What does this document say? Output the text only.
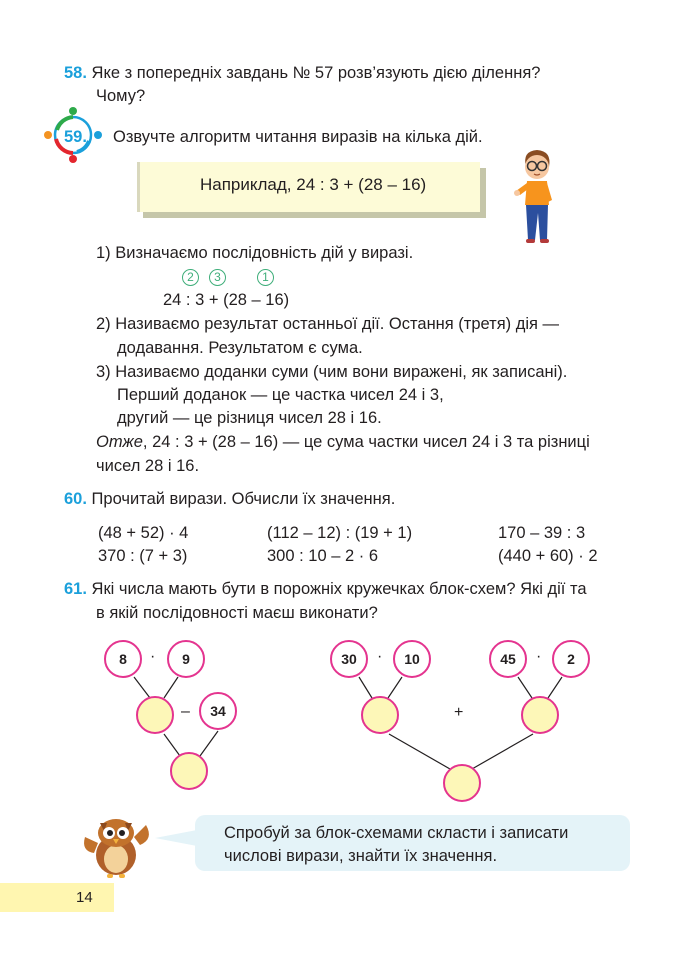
58. Яке з попередніх завдань № 57 розв’язують дією ділення?
Чому?
59. Озвучте алгоритм читання виразів на кілька дій.
Наприклад, 24 : 3 + (28 – 16)
1) Визначаємо послідовність дій у виразі.
2	3	1
24 : 3 + (28 – 16)
2) Називаємо результат останньої дії. Остання (третя) дія —
додавання. Результатом є сума.
3) Називаємо доданки суми (чим вони виражені, як записані).
Перший доданок — це частка чисел 24 і 3,
другий — це різниця чисел 28 і 16.
Отже, 24 : 3 + (28 – 16) — це сума частки чисел 24 і 3 та різниці
чисел 28 і 16.
60. Прочитай вирази. Обчисли їх значення.
(48 + 52) · 4	(112 – 12) : (19 + 1)	170 – 39 : 3
370 : (7 + 3)	300 : 10 – 2 · 6	(440 + 60) · 2
61. Які числа мають бути в порожніх кружечках блок-схем? Які дії та
в якій послідовності маєш виконати?
8	·	9
–	34
30	·	10	45	·	2
+
Спробуй за блок-схемами скласти і записати
числові вирази, знайти їх значення.
14
